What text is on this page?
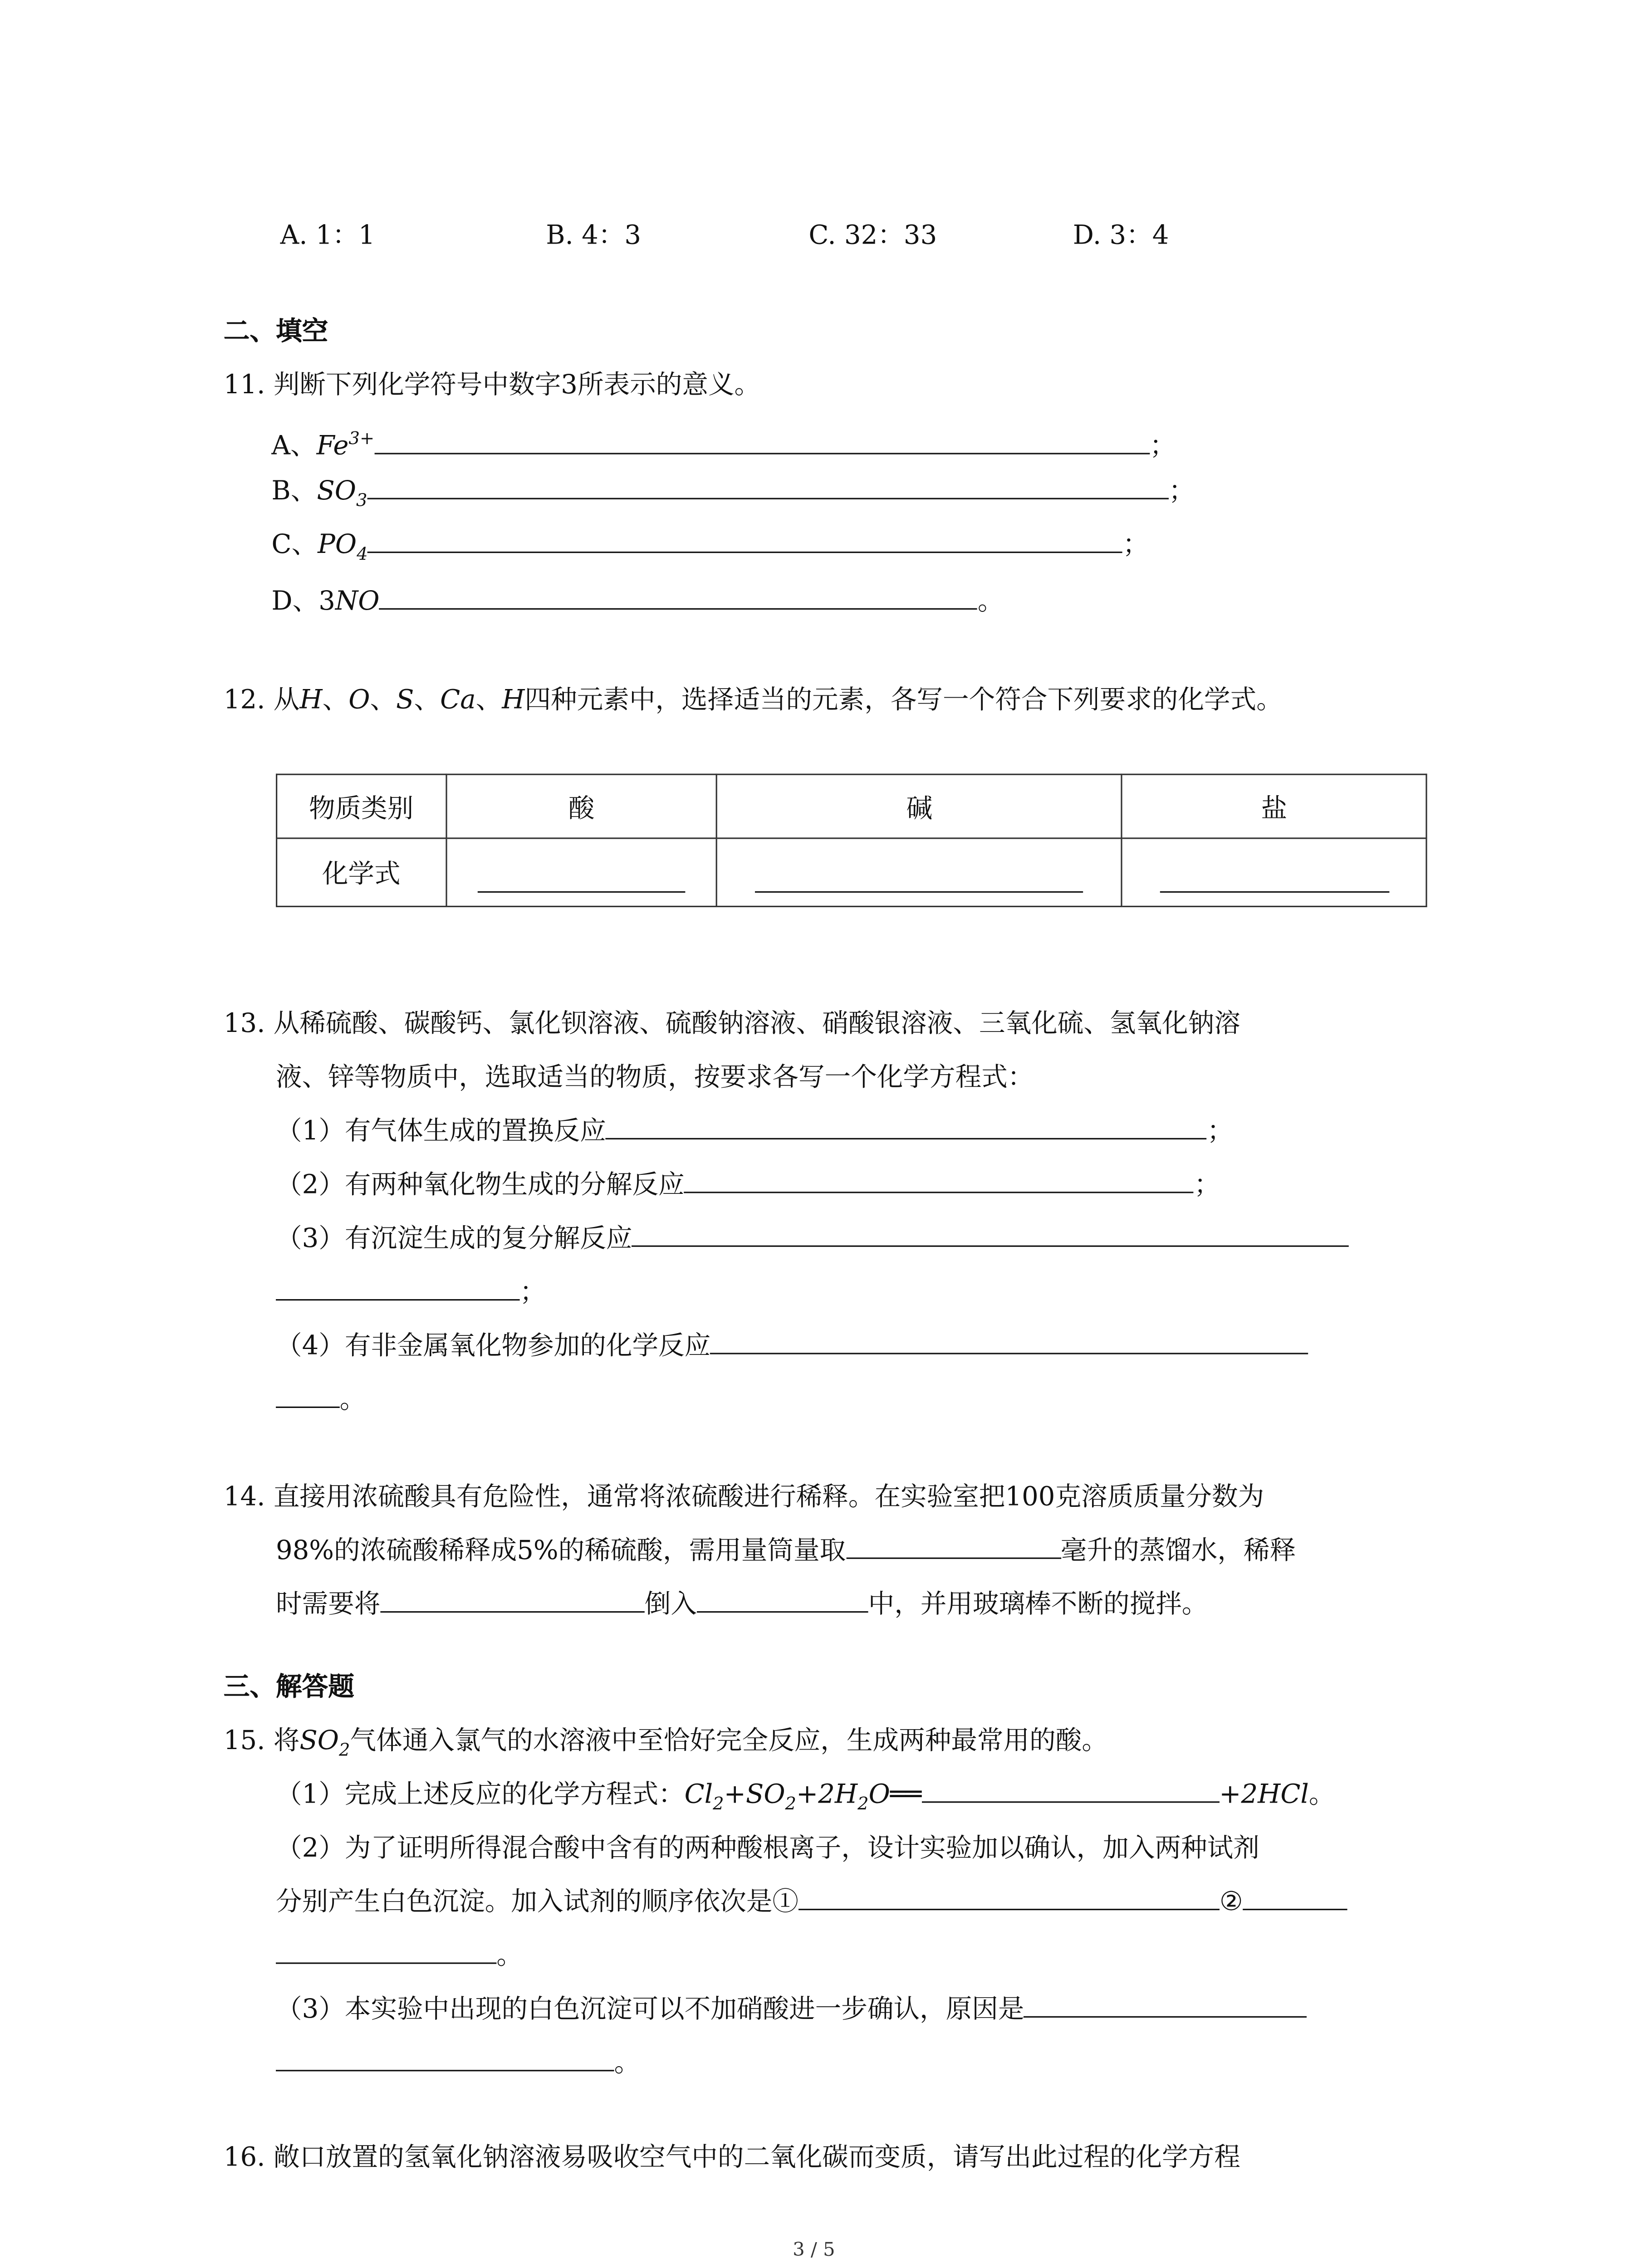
A. 1：1	B. 4：3	C. 32：33	D. 3：4
二、填空
11. 判断下列化学符号中数字3所表示的意义。
A、$Fe^{3+}$	；
B、$SO_3$	；
C、$PO_4$	；
D、3NO	。
12. 从H、O、S、Ca、H四种元素中，选择适当的元素，各写一个符合下列要求的化学式。
物质类别	酸	碱	盐
化学式			
13. 从稀硫酸、碳酸钙、氯化钡溶液、硫酸钠溶液、硝酸银溶液、三氧化硫、氢氧化钠溶
液、锌等物质中，选取适当的物质，按要求各写一个化学方程式：
（1）有气体生成的置换反应	；
（2）有两种氧化物生成的分解反应	；
（3）有沉淀生成的复分解反应
；
（4）有非金属氧化物参加的化学反应
。
14. 直接用浓硫酸具有危险性，通常将浓硫酸进行稀释。在实验室把100克溶质质量分数为
98%的浓硫酸稀释成5%的稀硫酸，需用量筒量取	毫升的蒸馏水，稀释
时需要将	倒入	中，并用玻璃棒不断的搅拌。
三、解答题
15. 将$SO_2$气体通入氯气的水溶液中至恰好完全反应，生成两种最常用的酸。
（1）完成上述反应的化学方程式：$Cl_2+SO_2+2H_2O══$	+2HCl。
（2）为了证明所得混合酸中含有的两种酸根离子，设计实验加以确认，加入两种试剂
分别产生白色沉淀。加入试剂的顺序依次是①	②
。
（3）本实验中出现的白色沉淀可以不加硝酸进一步确认，原因是
。
16. 敞口放置的氢氧化钠溶液易吸收空气中的二氧化碳而变质，请写出此过程的化学方程
3 / 5
